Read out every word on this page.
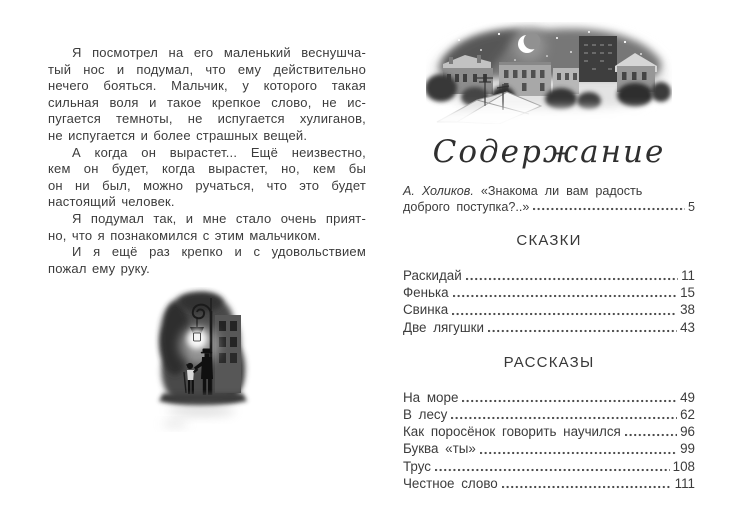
Я посмотрел на его маленький веснушча-
тый нос и подумал, что ему действительно
нечего бояться. Мальчик, у которого такая
сильная воля и такое крепкое слово, не ис-
пугается темноты, не испугается хулиганов,
не испугается и более страшных вещей.
А когда он вырастет... Ещё неизвестно,
кем он будет, когда вырастет, но, кем бы
он ни был, можно ручаться, что это будет
настоящий человек.
Я подумал так, и мне стало очень прият-
но, что я познакомился с этим мальчиком.
И я ещё раз крепко и с удовольствием
пожал ему руку.
Содержание
А. Холиков. «Знакома ли вам радость
доброго поступка?..»	5
СКАЗКИ
Раскидай	11
Фенька	15
Свинка	38
Две лягушки	43
РАССКАЗЫ
На море	49
В лесу	62
Как поросёнок говорить научился	96
Буква «ты»	99
Трус	108
Честное слово	111
